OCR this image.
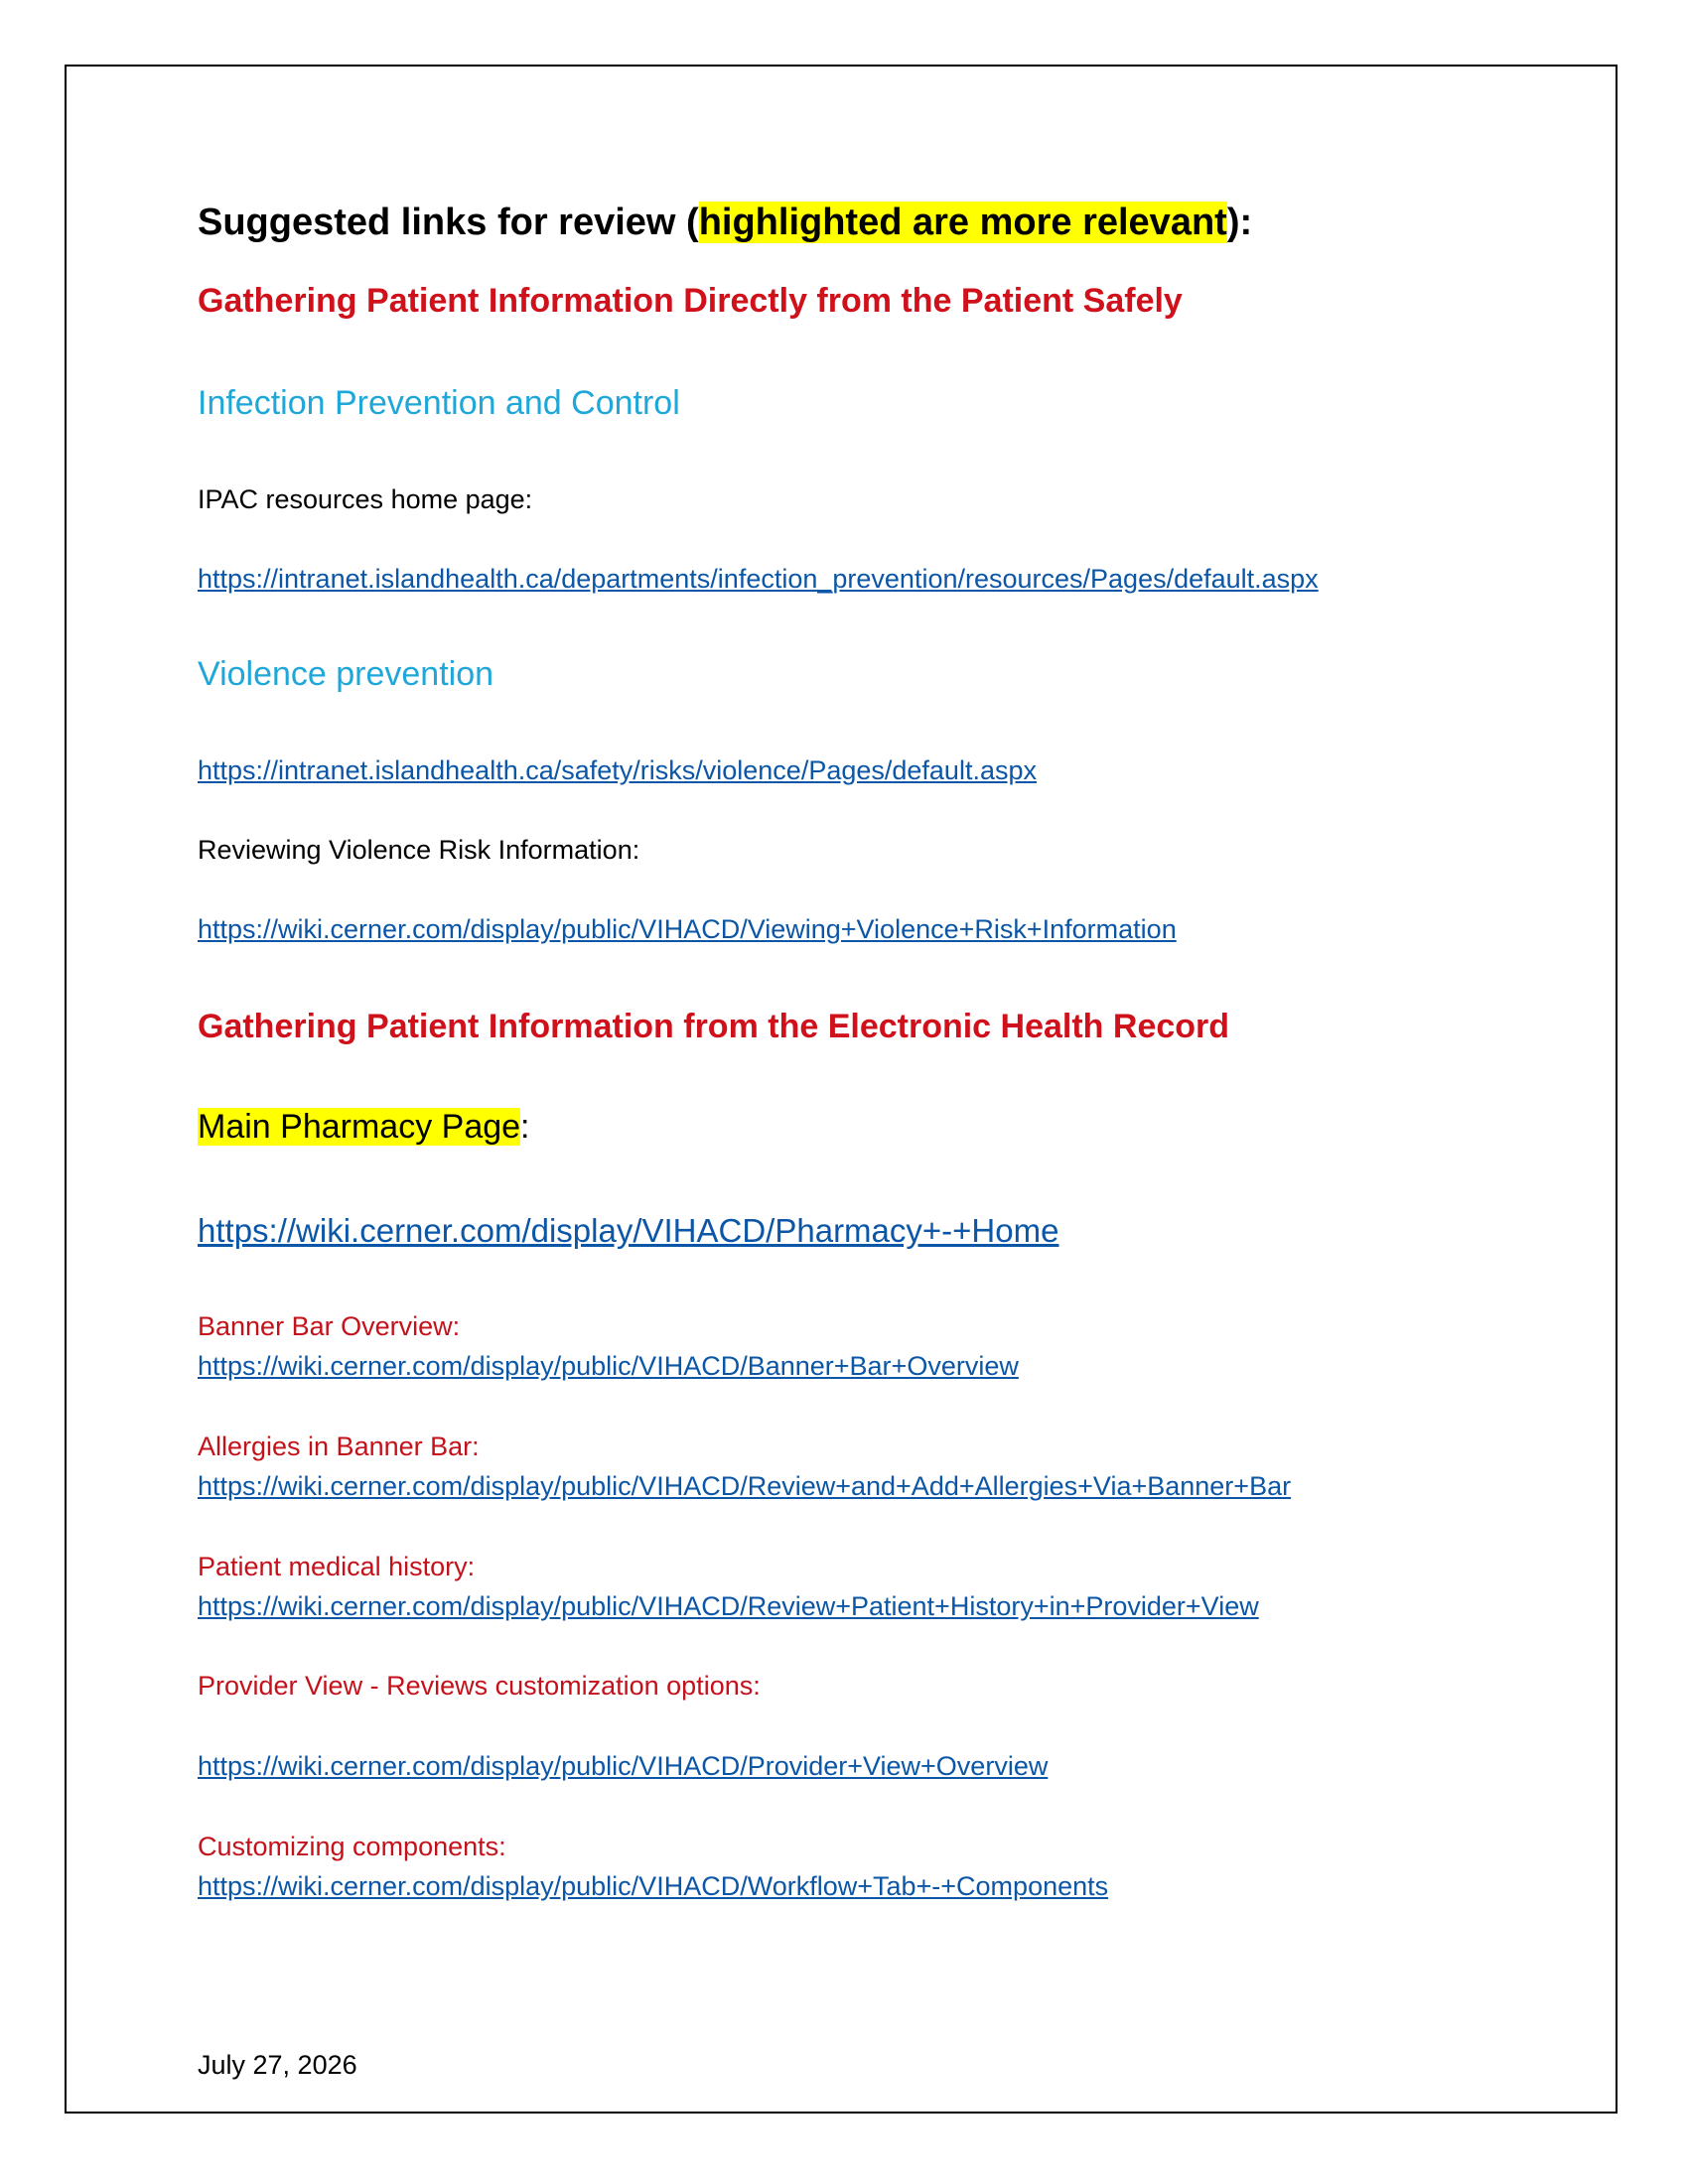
Suggested links for review (highlighted are more relevant):
Gathering Patient Information Directly from the Patient Safely
Infection Prevention and Control
IPAC resources home page:
https://intranet.islandhealth.ca/departments/infection_prevention/resources/Pages/default.aspx
Violence prevention
https://intranet.islandhealth.ca/safety/risks/violence/Pages/default.aspx
Reviewing Violence Risk Information:
https://wiki.cerner.com/display/public/VIHACD/Viewing+Violence+Risk+Information
Gathering Patient Information from the Electronic Health Record
Main Pharmacy Page:
https://wiki.cerner.com/display/VIHACD/Pharmacy+-+Home
Banner Bar Overview:
https://wiki.cerner.com/display/public/VIHACD/Banner+Bar+Overview
Allergies in Banner Bar:
https://wiki.cerner.com/display/public/VIHACD/Review+and+Add+Allergies+Via+Banner+Bar
Patient medical history:
https://wiki.cerner.com/display/public/VIHACD/Review+Patient+History+in+Provider+View
Provider View - Reviews customization options:
https://wiki.cerner.com/display/public/VIHACD/Provider+View+Overview
Customizing components:
https://wiki.cerner.com/display/public/VIHACD/Workflow+Tab+-+Components
July 27, 2026
